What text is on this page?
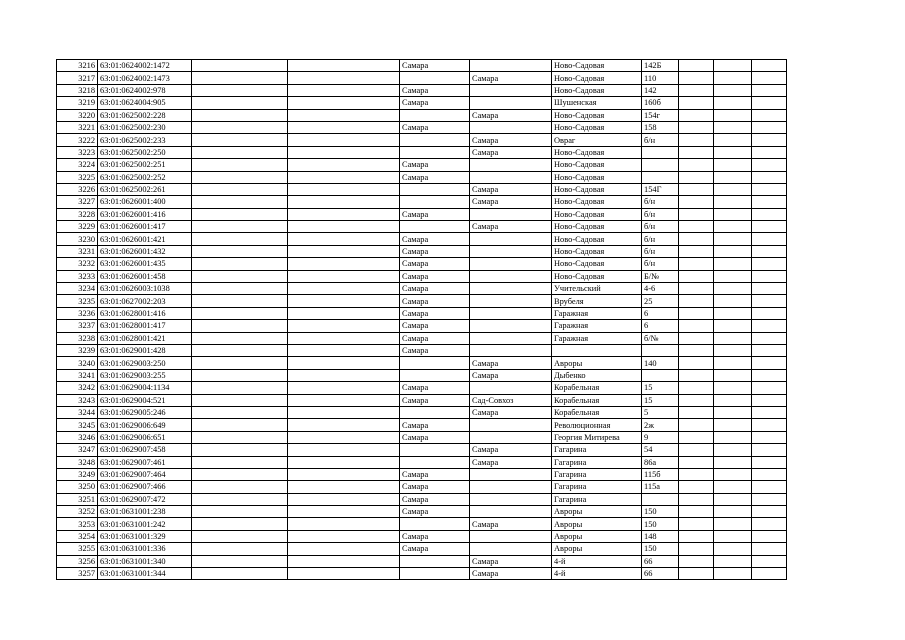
3216	63:01:0624002:1472			Самара		Ново-Садовая	142Б			
3217	63:01:0624002:1473				Самара	Ново-Садовая	110			
3218	63:01:0624002:978			Самара		Ново-Садовая	142			
3219	63:01:0624004:905			Самара		Шушенская	160б			
3220	63:01:0625002:228				Самара	Ново-Садовая	154г			
3221	63:01:0625002:230			Самара		Ново-Садовая	158			
3222	63:01:0625002:233				Самара	Овраг	б/н			
3223	63:01:0625002:250				Самара	Ново-Садовая				
3224	63:01:0625002:251			Самара		Ново-Садовая				
3225	63:01:0625002:252			Самара		Ново-Садовая				
3226	63:01:0625002:261				Самара	Ново-Садовая	154Г			
3227	63:01:0626001:400				Самара	Ново-Садовая	б/н			
3228	63:01:0626001:416			Самара		Ново-Садовая	б/н			
3229	63:01:0626001:417				Самара	Ново-Садовая	б/н			
3230	63:01:0626001:421			Самара		Ново-Садовая	б/н			
3231	63:01:0626001:432			Самара		Ново-Садовая	б/н			
3232	63:01:0626001:435			Самара		Ново-Садовая	б/н			
3233	63:01:0626001:458			Самара		Ново-Садовая	Б/№			
3234	63:01:0626003:1038			Самара		Учительский	4-6			
3235	63:01:0627002:203			Самара		Врубеля	25			
3236	63:01:0628001:416			Самара		Гаражная	6			
3237	63:01:0628001:417			Самара		Гаражная	6			
3238	63:01:0628001:421			Самара		Гаражная	б/№			
3239	63:01:0629001:428			Самара						
3240	63:01:0629003:250				Самара	Авроры	140			
3241	63:01:0629003:255				Самара	Дыбенко				
3242	63:01:0629004:1134			Самара		Корабельная	15			
3243	63:01:0629004:521			Самара	Сад-Совхоз	Корабельная	15			
3244	63:01:0629005:246				Самара	Корабельная	5			
3245	63:01:0629006:649			Самара		Революционная	2ж			
3246	63:01:0629006:651			Самара		Георгия Митирева	9			
3247	63:01:0629007:458				Самара	Гагарина	54			
3248	63:01:0629007:461				Самара	Гагарина	86а			
3249	63:01:0629007:464			Самара		Гагарина	115б			
3250	63:01:0629007:466			Самара		Гагарина	115а			
3251	63:01:0629007:472			Самара		Гагарина				
3252	63:01:0631001:238			Самара		Авроры	150			
3253	63:01:0631001:242				Самара	Авроры	150			
3254	63:01:0631001:329			Самара		Авроры	148			
3255	63:01:0631001:336			Самара		Авроры	150			
3256	63:01:0631001:340				Самара	4-й	66			
3257	63:01:0631001:344				Самара	4-й	66			
